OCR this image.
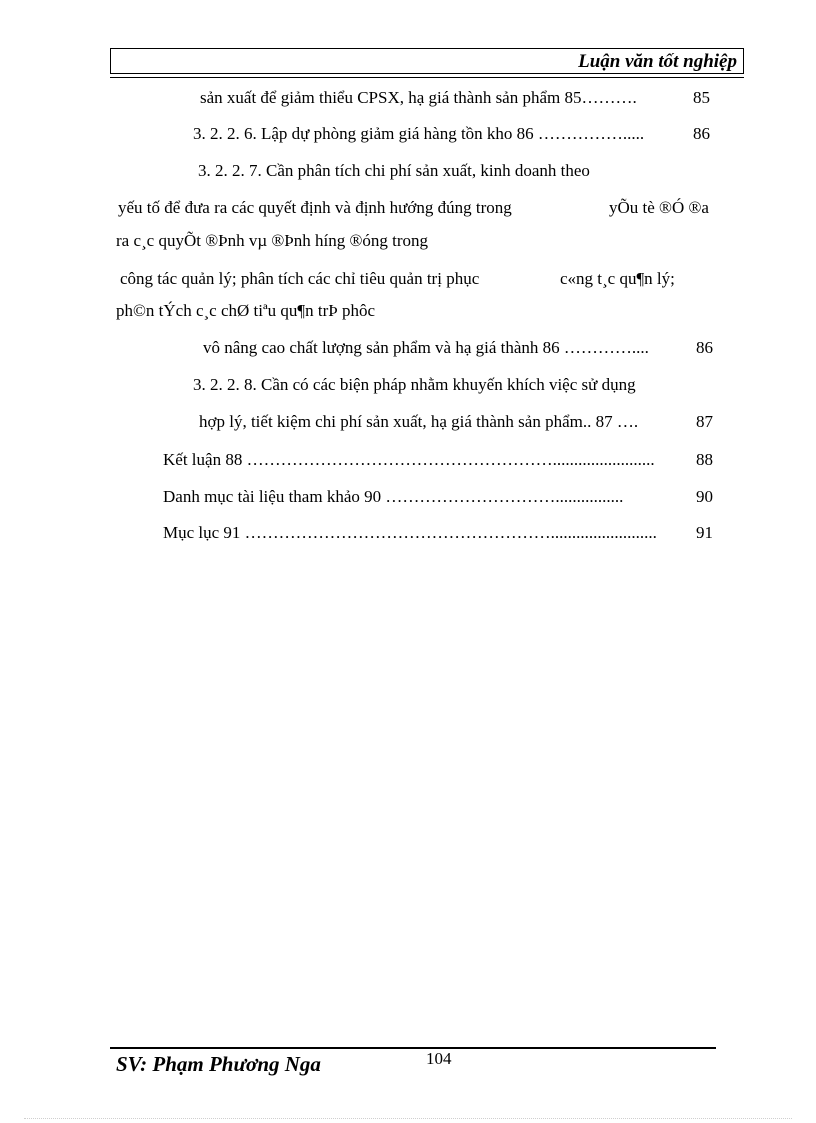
Luận văn tốt nghiệp
sản xuất để giảm thiểu CPSX, hạ giá thành sản phẩm 85……….	85
3. 2. 2. 6. Lập dự phòng giảm giá hàng tồn kho 86 …………….....	86
3. 2. 2. 7. Cần phân tích chi phí sản xuất, kinh doanh theo
yếu tố để đưa ra các quyết định và định hướng đúng trong	yÕu tè ®Ó ®a
ra c¸c quyÕt ®Þnh vµ ®Þnh híng ®óng trong
công tác quản lý; phân tích các chỉ tiêu quản trị phục	c«ng t¸c qu¶n lý;
ph©n tÝch c¸c chØ tiªu qu¶n trÞ phôc
vô nâng cao chất lượng sản phẩm và hạ giá thành 86 …………....	86
3. 2. 2. 8. Cần có các biện pháp nhằm khuyến khích việc sử dụng
hợp lý, tiết kiệm chi phí sản xuất, hạ giá thành sản phẩm.. 87 ….	87
Kết luận 88 ………………………………………………........................ 88
Danh mục tài liệu tham khảo 90 …………………………................	90
Mục lục 91 ………………………………………………......................... 91
SV: Phạm Phương Nga	104
